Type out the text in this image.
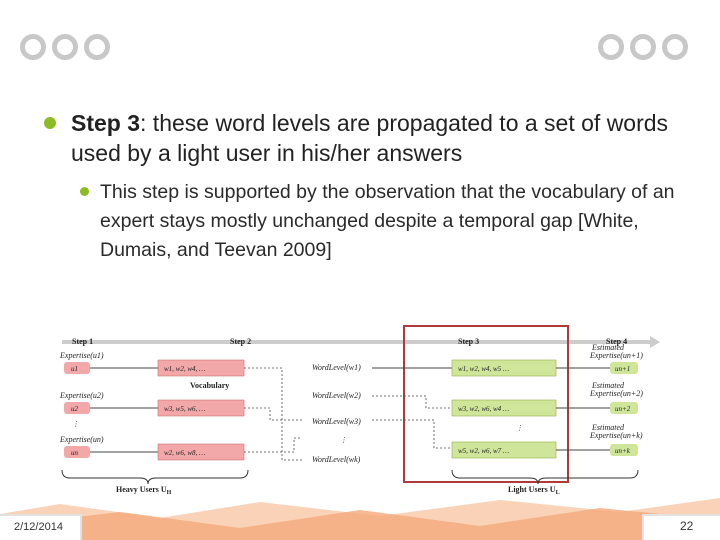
Step 3: these word levels are propagated to a set of words used by a light user in his/her answers
This step is supported by the observation that the vocabulary of an expert stays mostly unchanged despite a temporal gap [White, Dumais, and Teevan 2009]
Step 1	Step 2	Step 3	Step 4
Expertise(u1)
u1
Expertise(u2)
u2
⋮
Expertise(un)
un
w1, w2, w4, …
Vocabulary
w3, w5, w6, …
w2, w6, w8, …
WordLevel(w1)
WordLevel(w2)
WordLevel(w3)
⋮
WordLevel(wk)
w1, w2, w4, w5 …
w3, w2, w6, w4 …
⋮
w5, w2, w6, w7 …
Estimated
Expertise(un+1)
un+1
Estimated
Expertise(un+2)
un+2
Estimated
Expertise(un+k)
un+k
Heavy Users $U_H$	Light Users $U_L$
2/12/2014	22
